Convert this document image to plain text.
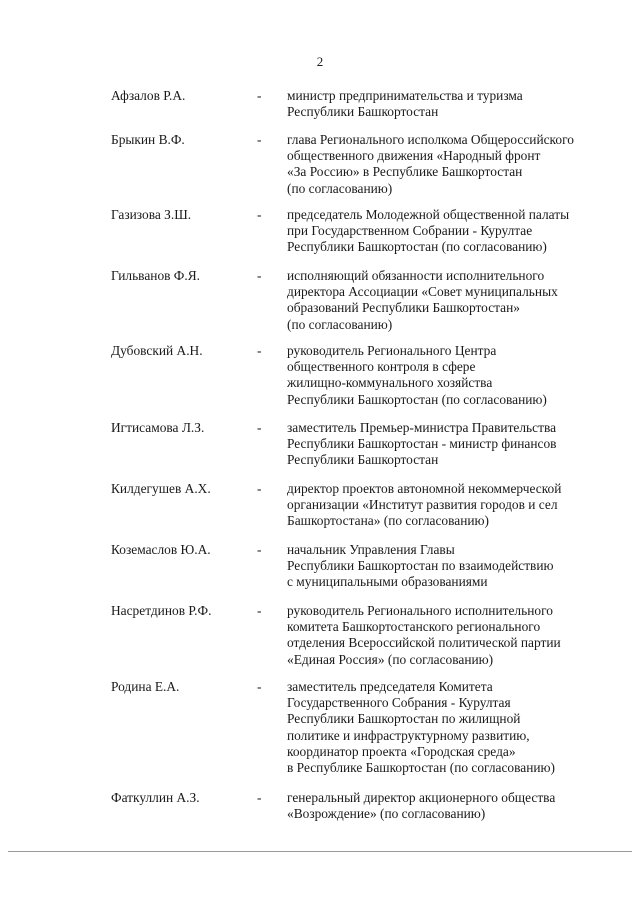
2
Афзалов Р.А.	- министр предпринимательства и туризма
Республики Башкортостан
Брыкин В.Ф.	- глава Регионального исполкома Общероссийского
общественного движения «Народный фронт
«За Россию» в Республике Башкортостан
(по согласованию)
Газизова З.Ш.	- председатель Молодежной общественной палаты
при Государственном Собрании - Курултае
Республики Башкортостан (по согласованию)
Гильванов Ф.Я.	- исполняющий обязанности исполнительного
директора Ассоциации «Совет муниципальных
образований Республики Башкортостан»
(по согласованию)
Дубовский А.Н.	- руководитель Регионального Центра
общественного контроля в сфере
жилищно-коммунального хозяйства
Республики Башкортостан (по согласованию)
Игтисамова Л.З.	- заместитель Премьер-министра Правительства
Республики Башкортостан - министр финансов
Республики Башкортостан
Килдегушев А.Х.	- директор проектов автономной некоммерческой
организации «Институт развития городов и сел
Башкортостана» (по согласованию)
Коземаслов Ю.А.	- начальник Управления Главы
Республики Башкортостан по взаимодействию
с муниципальными образованиями
Насретдинов Р.Ф.	- руководитель Регионального исполнительного
комитета Башкортостанского регионального
отделения Всероссийской политической партии
«Единая Россия» (по согласованию)
Родина Е.А.	- заместитель председателя Комитета
Государственного Собрания - Курултая
Республики Башкортостан по жилищной
политике и инфраструктурному развитию,
координатор проекта «Городская среда»
в Республике Башкортостан (по согласованию)
Фаткуллин А.З.	- генеральный директор акционерного общества
«Возрождение» (по согласованию)
